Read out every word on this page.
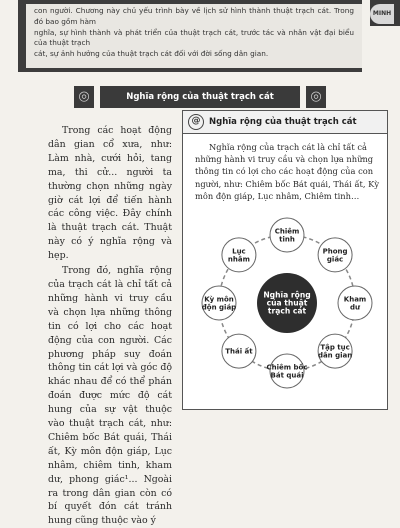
con người. Chương này chủ yếu trình bày về lịch sử hình thành thuật trạch cát. Trong đó bao gồm hàm
nghĩa, sự hình thành và phát triển của thuật trạch cát, trước tác và nhân vật đại biểu của thuật trạch
cát, sự ảnh hưởng của thuật trạch cát đối với đời sống dân gian.
MINH
◎	Nghĩa rộng của thuật trạch cát	◎

Trong các hoạt động dân gian cổ xưa, như: Làm nhà, cưới hỏi, tang ma, thi cử... người ta thường chọn những ngày giờ cát lợi để tiến hành các công việc. Đây chính là thuật trạch cát. Thuật này có ý nghĩa rộng và hẹp.

Trong đó, nghĩa rộng của trạch cát là chỉ tất cả những hành vi truy cầu và chọn lựa những thông tin có lợi cho các hoạt động của con người. Các phương pháp suy đoán thông tin cát lợi và góc độ khác nhau để có thể phán đoán được mức độ cát hung của sự vật thuộc vào thuật trạch cát, như: Chiêm bốc Bát quái, Thái ất, Kỳ môn độn giáp, Lục nhâm, chiêm tinh, kham dư, phong giác¹... Ngoài ra trong dân gian còn có bí quyết đón cát tránh hung cũng thuộc vào ý

@	Nghĩa rộng của thuật trạch cát

Nghĩa rộng của trạch cát là chỉ tất cả những hành vi truy cầu và chọn lựa những thông tin có lợi cho các hoạt động của con người, như: Chiêm bốc Bát quái, Thái ất, Kỳ môn độn giáp, Lục nhâm, Chiêm tinh…

Nghĩa rộng
của thuật
trạch cát
Chiêm
tinh
Phong
giác
Kham
dư
Tập tục
dân gian
Chiêm bốc
Bát quái
Thái ất
Kỳ môn
độn giáp
Lục
nhâm
